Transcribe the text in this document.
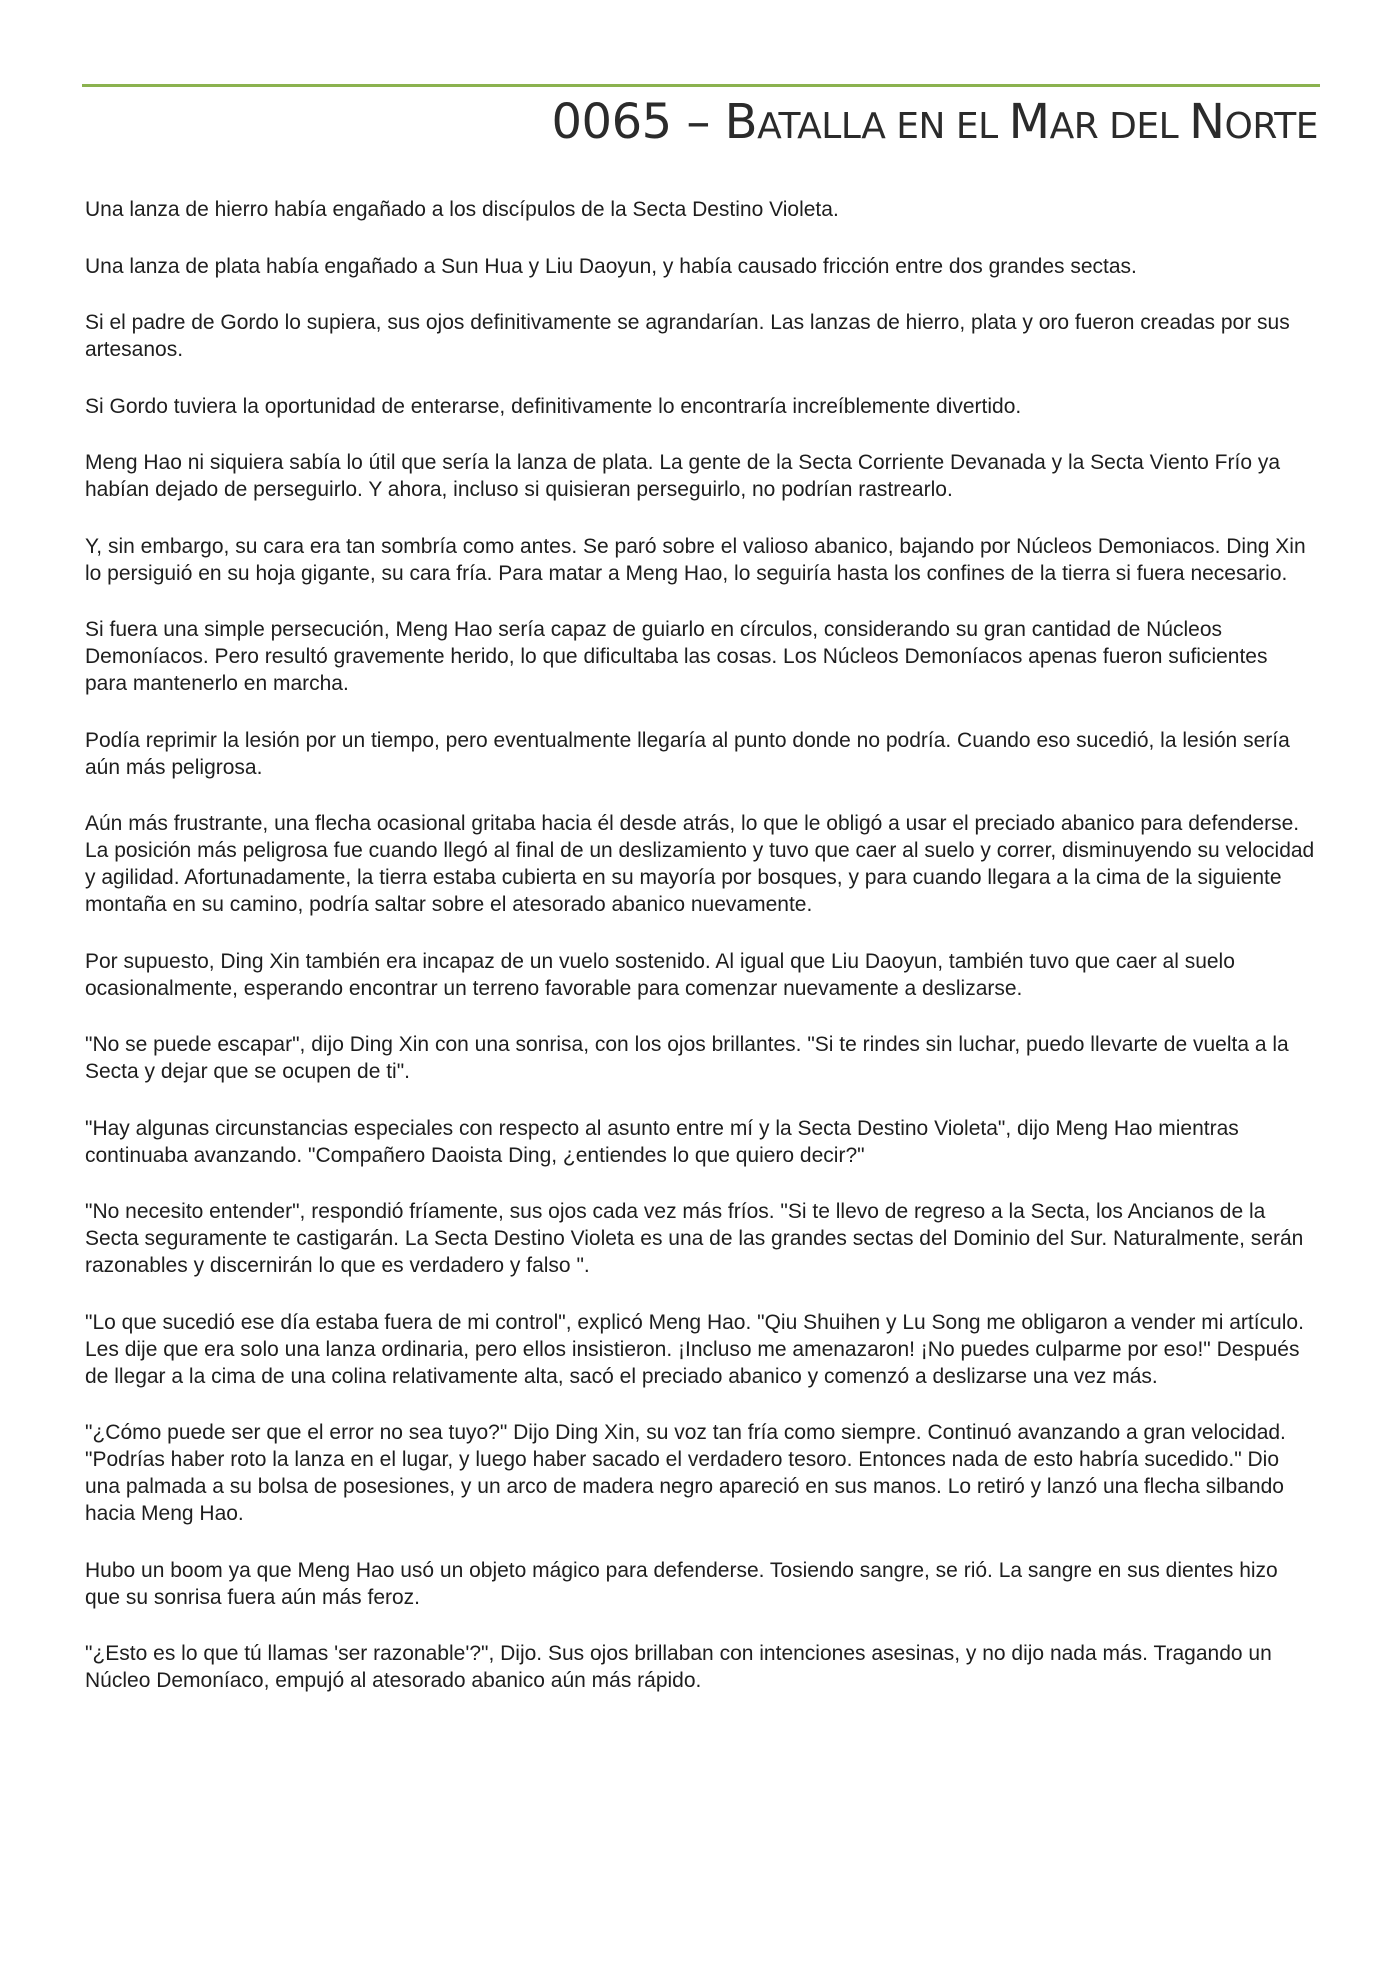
0065 – BATALLA EN EL MAR DEL NORTE

Una lanza de hierro había engañado a los discípulos de la Secta Destino Violeta.

Una lanza de plata había engañado a Sun Hua y Liu Daoyun, y había causado fricción entre dos grandes sectas.

Si el padre de Gordo lo supiera, sus ojos definitivamente se agrandarían. Las lanzas de hierro, plata y oro fueron creadas por sus artesanos.

Si Gordo tuviera la oportunidad de enterarse, definitivamente lo encontraría increíblemente divertido.

Meng Hao ni siquiera sabía lo útil que sería la lanza de plata. La gente de la Secta Corriente Devanada y la Secta Viento Frío ya habían dejado de perseguirlo. Y ahora, incluso si quisieran perseguirlo, no podrían rastrearlo.

Y, sin embargo, su cara era tan sombría como antes. Se paró sobre el valioso abanico, bajando por Núcleos Demoniacos. Ding Xin lo persiguió en su hoja gigante, su cara fría. Para matar a Meng Hao, lo seguiría hasta los confines de la tierra si fuera necesario.

Si fuera una simple persecución, Meng Hao sería capaz de guiarlo en círculos, considerando su gran cantidad de Núcleos Demoníacos. Pero resultó gravemente herido, lo que dificultaba las cosas. Los Núcleos Demoníacos apenas fueron suficientes para mantenerlo en marcha.

Podía reprimir la lesión por un tiempo, pero eventualmente llegaría al punto donde no podría. Cuando eso sucedió, la lesión sería aún más peligrosa.

Aún más frustrante, una flecha ocasional gritaba hacia él desde atrás, lo que le obligó a usar el preciado abanico para defenderse. La posición más peligrosa fue cuando llegó al final de un deslizamiento y tuvo que caer al suelo y correr, disminuyendo su velocidad y agilidad. Afortunadamente, la tierra estaba cubierta en su mayoría por bosques, y para cuando llegara a la cima de la siguiente montaña en su camino, podría saltar sobre el atesorado abanico nuevamente.

Por supuesto, Ding Xin también era incapaz de un vuelo sostenido. Al igual que Liu Daoyun, también tuvo que caer al suelo ocasionalmente, esperando encontrar un terreno favorable para comenzar nuevamente a deslizarse.

"No se puede escapar", dijo Ding Xin con una sonrisa, con los ojos brillantes. "Si te rindes sin luchar, puedo llevarte de vuelta a la Secta y dejar que se ocupen de ti".

"Hay algunas circunstancias especiales con respecto al asunto entre mí y la Secta Destino Violeta", dijo Meng Hao mientras continuaba avanzando. "Compañero Daoista Ding, ¿entiendes lo que quiero decir?"

"No necesito entender", respondió fríamente, sus ojos cada vez más fríos. "Si te llevo de regreso a la Secta, los Ancianos de la Secta seguramente te castigarán. La Secta Destino Violeta es una de las grandes sectas del Dominio del Sur. Naturalmente, serán razonables y discernirán lo que es verdadero y falso ".

"Lo que sucedió ese día estaba fuera de mi control", explicó Meng Hao. "Qiu Shuihen y Lu Song me obligaron a vender mi artículo. Les dije que era solo una lanza ordinaria, pero ellos insistieron. ¡Incluso me amenazaron! ¡No puedes culparme por eso!" Después de llegar a la cima de una colina relativamente alta, sacó el preciado abanico y comenzó a deslizarse una vez más.

"¿Cómo puede ser que el error no sea tuyo?" Dijo Ding Xin, su voz tan fría como siempre. Continuó avanzando a gran velocidad. "Podrías haber roto la lanza en el lugar, y luego haber sacado el verdadero tesoro. Entonces nada de esto habría sucedido." Dio una palmada a su bolsa de posesiones, y un arco de madera negro apareció en sus manos. Lo retiró y lanzó una flecha silbando hacia Meng Hao.

Hubo un boom ya que Meng Hao usó un objeto mágico para defenderse. Tosiendo sangre, se rió. La sangre en sus dientes hizo que su sonrisa fuera aún más feroz.

"¿Esto es lo que tú llamas 'ser razonable'?", Dijo. Sus ojos brillaban con intenciones asesinas, y no dijo nada más. Tragando un Núcleo Demoníaco, empujó al atesorado abanico aún más rápido.
